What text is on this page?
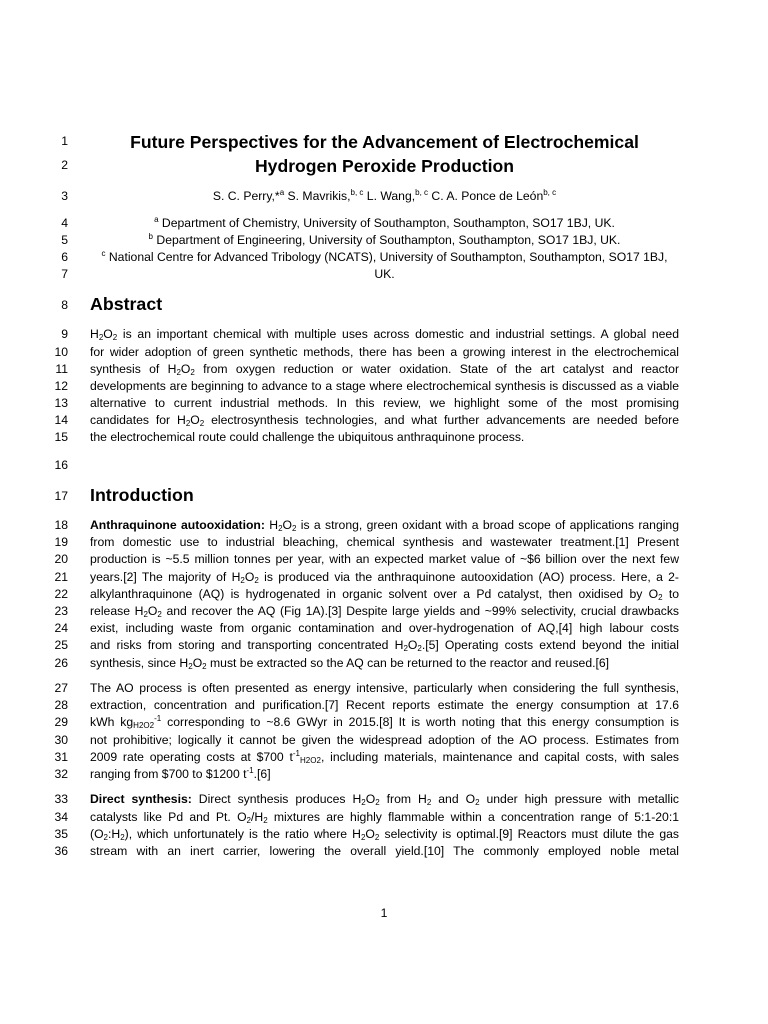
1
2
3
4
5
6
7
8
9
10
11
12
13
14
15
16
17
18
19
20
21
22
23
24
25
26
27
28
29
30
31
32
33
34
35
36
Future Perspectives for the Advancement of Electrochemical
Hydrogen Peroxide Production
S. C. Perry,*$^a$ S. Mavrikis,$^{b, c}$ L. Wang,$^{b, c}$ C. A. Ponce de León$^{b, c}$
$^a$ Department of Chemistry, University of Southampton, Southampton, SO17 1BJ, UK.
$^b$ Department of Engineering, University of Southampton, Southampton, SO17 1BJ, UK.
$^c$ National Centre for Advanced Tribology (NCATS), University of Southampton, Southampton, SO17 1BJ,
UK.
Abstract
$H_2O_2$ is an important chemical with multiple uses across domestic and industrial settings. A global need
for wider adoption of green synthetic methods, there has been a growing interest in the electrochemical
synthesis of $H_2O_2$ from oxygen reduction or water oxidation. State of the art catalyst and reactor
developments are beginning to advance to a stage where electrochemical synthesis is discussed as a viable
alternative to current industrial methods. In this review, we highlight some of the most promising
candidates for $H_2O_2$ electrosynthesis technologies, and what further advancements are needed before
the electrochemical route could challenge the ubiquitous anthraquinone process.
Introduction
Anthraquinone autooxidation: $H_2O_2$ is a strong, green oxidant with a broad scope of applications ranging
from domestic use to industrial bleaching, chemical synthesis and wastewater treatment.[1] Present
production is ~5.5 million tonnes per year, with an expected market value of ~$6 billion over the next few
years.[2] The majority of $H_2O_2$ is produced via the anthraquinone autooxidation (AO) process. Here, a 2-
alkylanthraquinone (AQ) is hydrogenated in organic solvent over a Pd catalyst, then oxidised by $O_2$ to
release $H_2O_2$ and recover the AQ (Fig 1A).[3] Despite large yields and ~99% selectivity, crucial drawbacks
exist, including waste from organic contamination and over-hydrogenation of AQ,[4] high labour costs
and risks from storing and transporting concentrated $H_2O_2.[5]$ Operating costs extend beyond the initial
synthesis, since $H_2O_2$ must be extracted so the AQ can be returned to the reactor and reused.[6]
The AO process is often presented as energy intensive, particularly when considering the full synthesis,
extraction, concentration and purification.[7] Recent reports estimate the energy consumption at 17.6
kWh $kg_{H2O2}^{-1}$ corresponding to ~8.6 GWyr in 2015.[8] It is worth noting that this energy consumption is
not prohibitive; logically it cannot be given the widespread adoption of the AO process. Estimates from
2009 rate operating costs at $700 $t^{-1}_{H2O2}$, including materials, maintenance and capital costs, with sales
ranging from $700 to $1200 $t^{-1}.[6]$
Direct synthesis: Direct synthesis produces $H_2O_2$ from $H_2$ and $O_2$ under high pressure with metallic
catalysts like Pd and Pt. $O_2/H_2$ mixtures are highly flammable within a concentration range of 5:1-20:1
$(O_2:H_2)$, which unfortunately is the ratio where $H_2O_2$ selectivity is optimal.[9] Reactors must dilute the gas
stream with an inert carrier, lowering the overall yield.[10] The commonly employed noble metal
1
